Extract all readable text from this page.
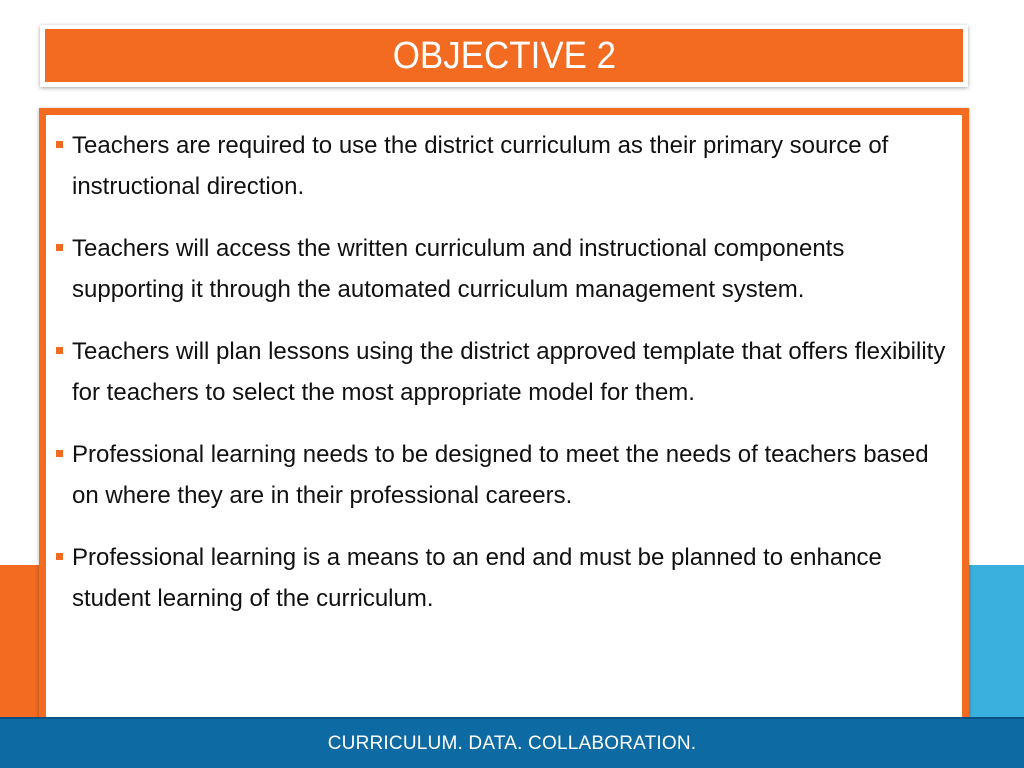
OBJECTIVE 2
Teachers are required to use the district curriculum as their primary source of instructional direction.
Teachers will access the written curriculum and instructional components supporting it through the automated curriculum management system.
Teachers will plan lessons using the district approved template that offers flexibility for teachers to select the most appropriate model for them.
Professional learning needs to be designed to meet the needs of teachers based on where they are in their professional careers.
Professional learning is a means to an end and must be planned to enhance student learning of the curriculum.
CURRICULUM. DATA. COLLABORATION.
